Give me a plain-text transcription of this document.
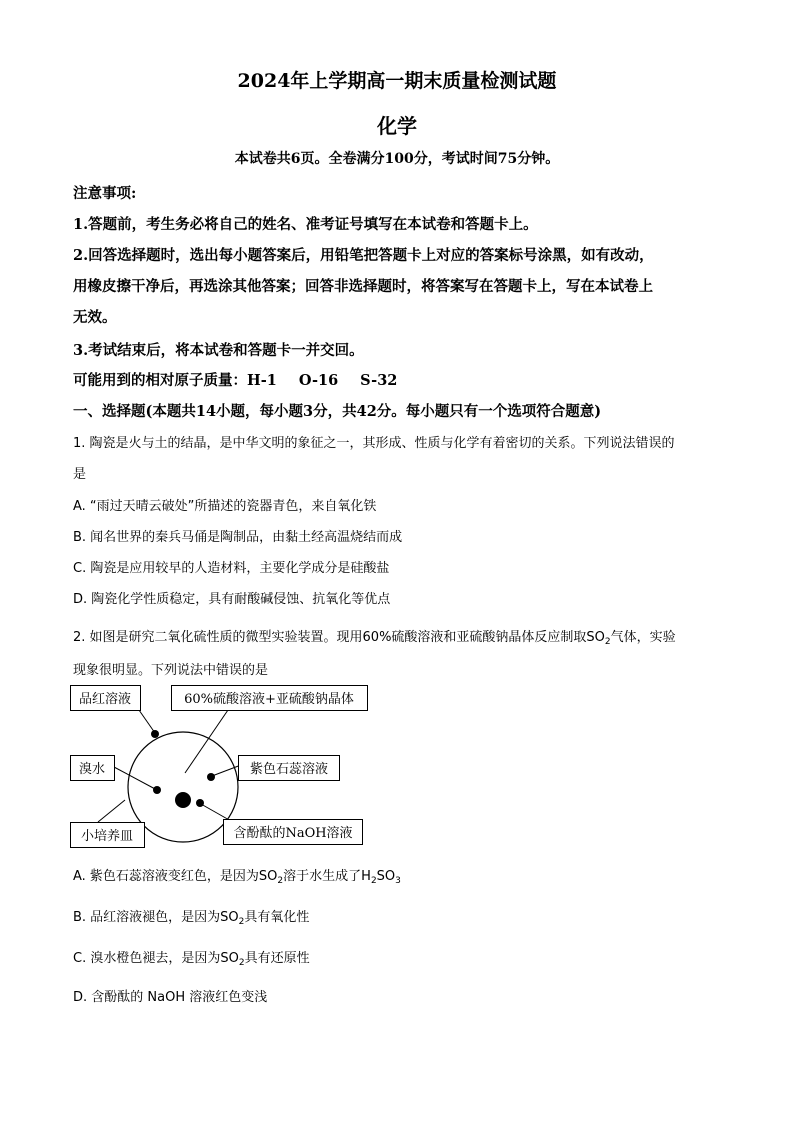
2024年上学期高一期末质量检测试题
化学
本试卷共6页。全卷满分100分，考试时间75分钟。
注意事项:
1.答题前，考生务必将自己的姓名、准考证号填写在本试卷和答题卡上。
2.回答选择题时，选出每小题答案后，用铅笔把答题卡上对应的答案标号涂黑，如有改动，
用橡皮擦干净后，再选涂其他答案；回答非选择题时，将答案写在答题卡上，写在本试卷上
无效。
3.考试结束后，将本试卷和答题卡一并交回。
可能用到的相对原子质量：H-1 O-16 S-32
一、选择题(本题共14小题，每小题3分，共42分。每小题只有一个选项符合题意)
1. 陶瓷是火与土的结晶，是中华文明的象征之一，其形成、性质与化学有着密切的关系。下列说法错误的
是
A. “雨过天晴云破处”所描述的瓷器青色，来自氧化铁
B. 闻名世界的秦兵马俑是陶制品，由黏土经高温烧结而成
C. 陶瓷是应用较早的人造材料，主要化学成分是硅酸盐
D. 陶瓷化学性质稳定，具有耐酸碱侵蚀、抗氧化等优点
2. 如图是研究二氧化硫性质的微型实验装置。现用60%硫酸溶液和亚硫酸钠晶体反应制取$SO_2$气体，实验
现象很明显。下列说法中错误的是
品红溶液	60%硫酸溶液+亚硫酸钠晶体
溴水	紫色石蕊溶液
小培养皿	含酚酞的NaOH溶液
A. 紫色石蕊溶液变红色，是因为$SO_2$溶于水生成了$H_2SO_3$
B. 品红溶液褪色，是因为$SO_2$具有氧化性
C. 溴水橙色褪去，是因为$SO_2$具有还原性
D. 含酚酞的 NaOH 溶液红色变浅
